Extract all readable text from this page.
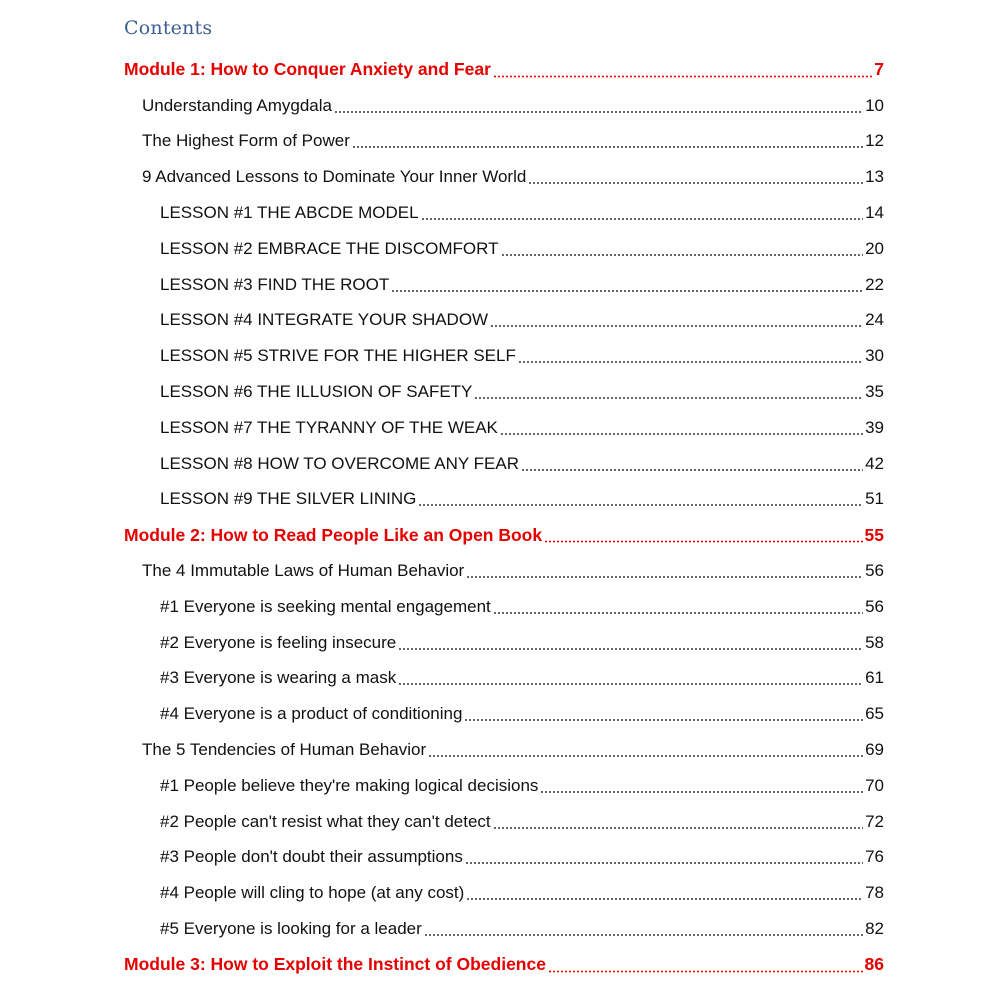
Contents
Module 1: How to Conquer Anxiety and Fear	7
Understanding Amygdala	10
The Highest Form of Power	12
9 Advanced Lessons to Dominate Your Inner World	13
LESSON #1 THE ABCDE MODEL	14
LESSON #2 EMBRACE THE DISCOMFORT	20
LESSON #3 FIND THE ROOT	22
LESSON #4 INTEGRATE YOUR SHADOW	24
LESSON #5 STRIVE FOR THE HIGHER SELF	30
LESSON #6 THE ILLUSION OF SAFETY	35
LESSON #7 THE TYRANNY OF THE WEAK	39
LESSON #8 HOW TO OVERCOME ANY FEAR	42
LESSON #9 THE SILVER LINING	51
Module 2: How to Read People Like an Open Book	55
The 4 Immutable Laws of Human Behavior	56
#1 Everyone is seeking mental engagement	56
#2 Everyone is feeling insecure	58
#3 Everyone is wearing a mask	61
#4 Everyone is a product of conditioning	65
The 5 Tendencies of Human Behavior	69
#1 People believe they're making logical decisions	70
#2 People can't resist what they can't detect	72
#3 People don't doubt their assumptions	76
#4 People will cling to hope (at any cost)	78
#5 Everyone is looking for a leader	82
Module 3: How to Exploit the Instinct of Obedience	86
